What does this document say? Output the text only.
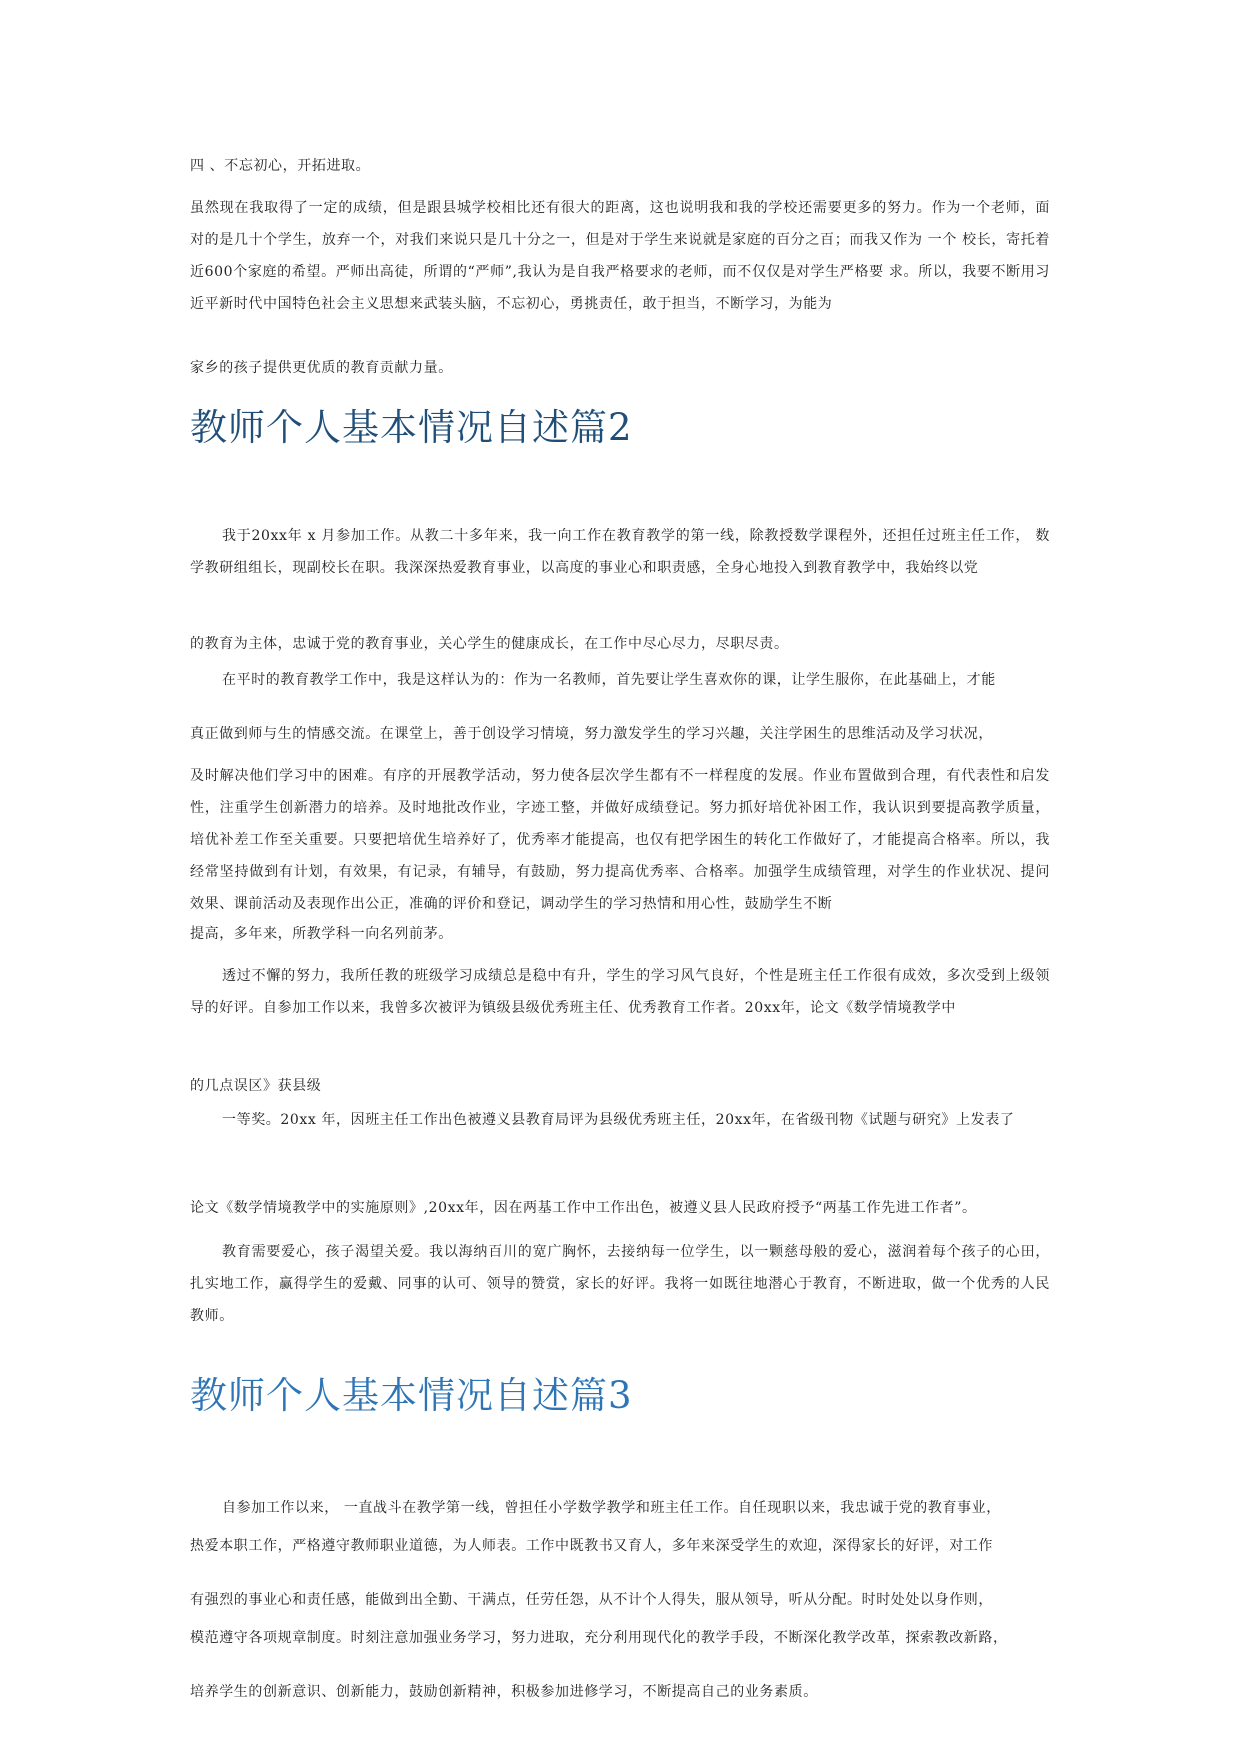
四 、不忘初心，开拓进取。

虽然现在我取得了一定的成绩，但是跟县城学校相比还有很大的距离，这也说明我和我的学校还需要更多的努力。作为一个老师，面对的是几十个学生，放弃一个，对我们来说只是几十分之一，但是对于学生来说就是家庭的百分之百；而我又作为 一个 校长，寄托着近600个家庭的希望。严师出高徒，所谓的“严师”,我认为是自我严格要求的老师，而不仅仅是对学生严格要 求。所以，我要不断用习近平新时代中国特色社会主义思想来武装头脑，不忘初心，勇挑责任，敢于担当，不断学习，为能为

家乡的孩子提供更优质的教育贡献力量。

教师个人基本情况自述篇2

我于20xx年 x 月参加工作。从教二十多年来，我一向工作在教育教学的第一线，除教授数学课程外，还担任过班主任工作， 数学教研组组长，现副校长在职。我深深热爱教育事业，以高度的事业心和职责感，全身心地投入到教育教学中，我始终以党

的教育为主体，忠诚于党的教育事业，关心学生的健康成长，在工作中尽心尽力，尽职尽责。

在平时的教育教学工作中，我是这样认为的：作为一名教师，首先要让学生喜欢你的课，让学生服你，在此基础上，才能

真正做到师与生的情感交流。在课堂上，善于创设学习情境，努力激发学生的学习兴趣，关注学困生的思维活动及学习状况，

及时解决他们学习中的困难。有序的开展教学活动，努力使各层次学生都有不一样程度的发展。作业布置做到合理，有代表性和启发性，注重学生创新潜力的培养。及时地批改作业，字迹工整，并做好成绩登记。努力抓好培优补困工作，我认识到要提高教学质量，培优补差工作至关重要。只要把培优生培养好了，优秀率才能提高，也仅有把学困生的转化工作做好了，才能提高合格率。所以，我经常坚持做到有计划，有效果，有记录，有辅导，有鼓励，努力提高优秀率、合格率。加强学生成绩管理，对学生的作业状况、提问效果、课前活动及表现作出公正，准确的评价和登记，调动学生的学习热情和用心性，鼓励学生不断

提高，多年来，所教学科一向名列前茅。

透过不懈的努力，我所任教的班级学习成绩总是稳中有升，学生的学习风气良好，个性是班主任工作很有成效，多次受到上级领导的好评。自参加工作以来，我曾多次被评为镇级县级优秀班主任、优秀教育工作者。20xx年，论文《数学情境教学中

的几点误区》获县级

一等奖。20xx 年，因班主任工作出色被遵义县教育局评为县级优秀班主任，20xx年，在省级刊物《试题与研究》上发表了

论文《数学情境教学中的实施原则》,20xx年，因在两基工作中工作出色，被遵义县人民政府授予“两基工作先进工作者”。

教育需要爱心，孩子渴望关爱。我以海纳百川的宽广胸怀，去接纳每一位学生，以一颗慈母般的爱心，滋润着每个孩子的心田，扎实地工作，赢得学生的爱戴、同事的认可、领导的赞赏，家长的好评。我将一如既往地潜心于教育，不断进取，做一个优秀的人民教师。

教师个人基本情况自述篇3

自参加工作以来， 一直战斗在教学第一线，曾担任小学数学教学和班主任工作。自任现职以来，我忠诚于党的教育事业，

热爱本职工作，严格遵守教师职业道德，为人师表。工作中既教书又育人，多年来深受学生的欢迎，深得家长的好评，对工作

有强烈的事业心和责任感，能做到出全勤、干满点，任劳任怨，从不计个人得失，服从领导，听从分配。时时处处以身作则，

模范遵守各项规章制度。时刻注意加强业务学习，努力进取，充分利用现代化的教学手段，不断深化教学改革，探索教改新路，

培养学生的创新意识、创新能力，鼓励创新精神，积极参加进修学习，不断提高自己的业务素质。
